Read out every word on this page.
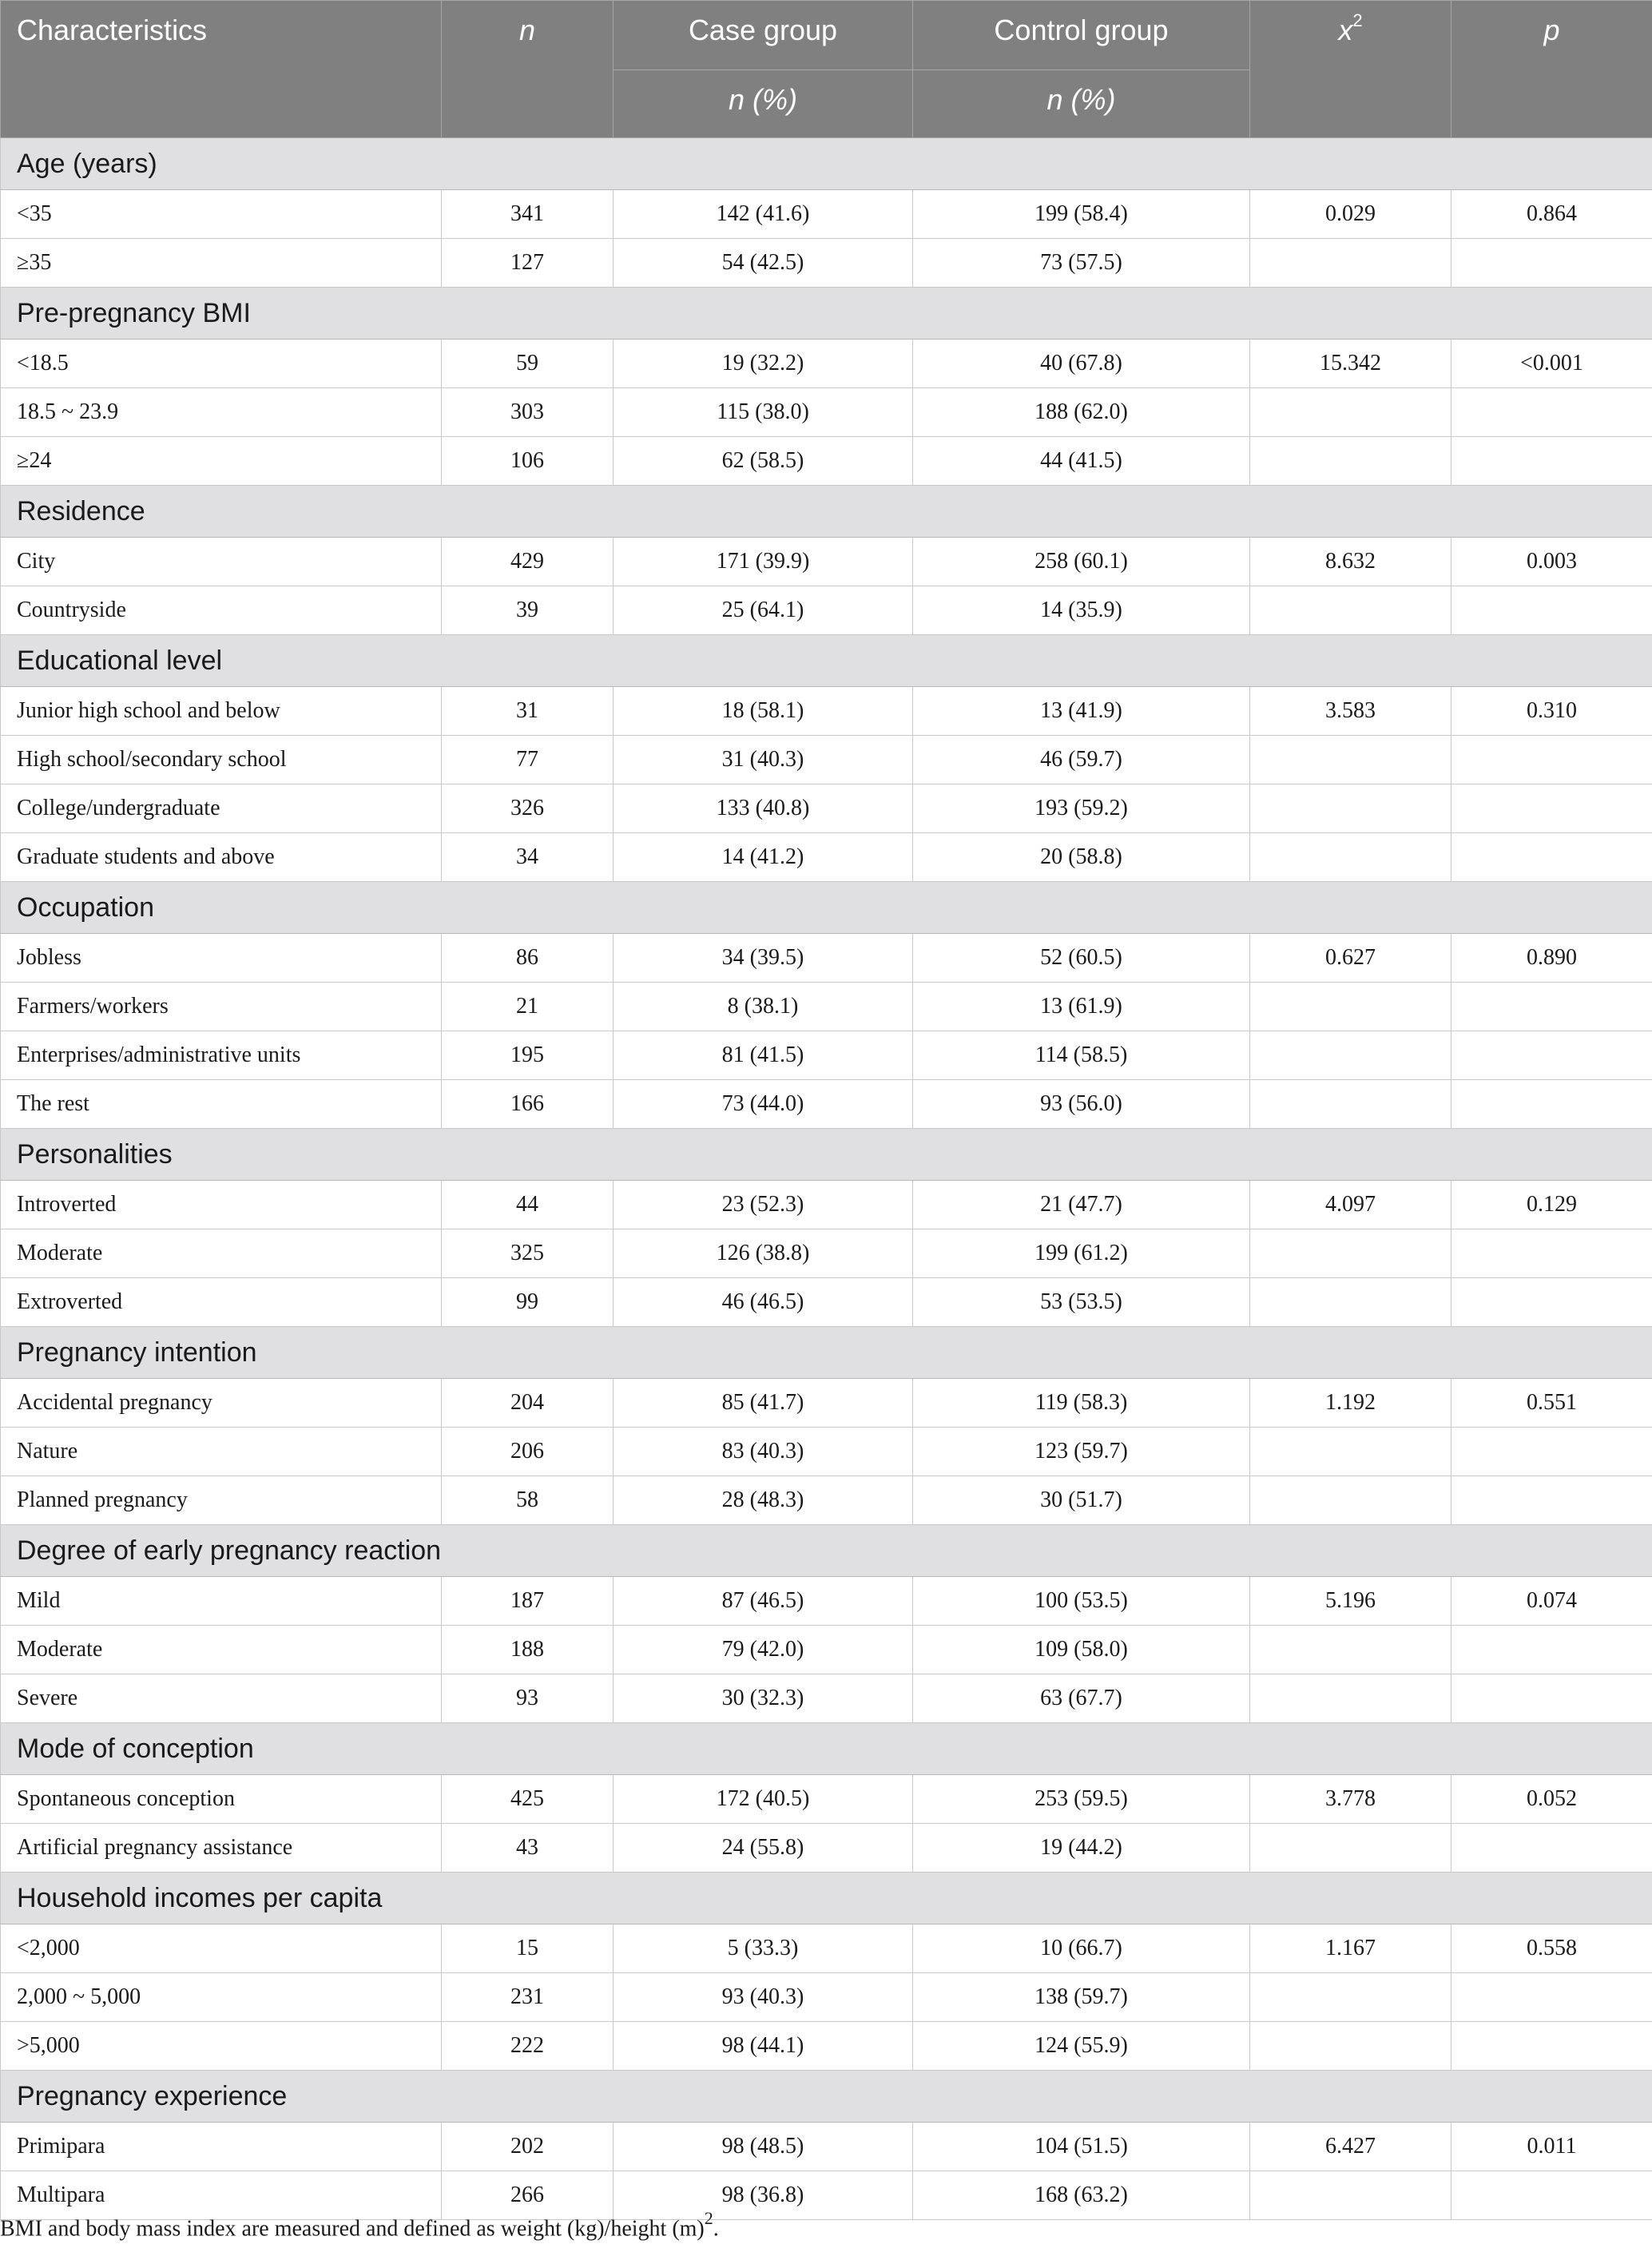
Characteristics	n	Case group	Control group	$x^2$	p
		n (%)	n (%)		
Age (years)					
<35	341	142 (41.6)	199 (58.4)	0.029	0.864
≥35	127	54 (42.5)	73 (57.5)		
Pre-pregnancy BMI					
<18.5	59	19 (32.2)	40 (67.8)	15.342	<0.001
18.5 ~ 23.9	303	115 (38.0)	188 (62.0)		
≥24	106	62 (58.5)	44 (41.5)		
Residence					
City	429	171 (39.9)	258 (60.1)	8.632	0.003
Countryside	39	25 (64.1)	14 (35.9)		
Educational level					
Junior high school and below	31	18 (58.1)	13 (41.9)	3.583	0.310
High school/secondary school	77	31 (40.3)	46 (59.7)		
College/undergraduate	326	133 (40.8)	193 (59.2)		
Graduate students and above	34	14 (41.2)	20 (58.8)		
Occupation					
Jobless	86	34 (39.5)	52 (60.5)	0.627	0.890
Farmers/workers	21	8 (38.1)	13 (61.9)		
Enterprises/administrative units	195	81 (41.5)	114 (58.5)		
The rest	166	73 (44.0)	93 (56.0)		
Personalities					
Introverted	44	23 (52.3)	21 (47.7)	4.097	0.129
Moderate	325	126 (38.8)	199 (61.2)		
Extroverted	99	46 (46.5)	53 (53.5)		
Pregnancy intention					
Accidental pregnancy	204	85 (41.7)	119 (58.3)	1.192	0.551
Nature	206	83 (40.3)	123 (59.7)		
Planned pregnancy	58	28 (48.3)	30 (51.7)		
Degree of early pregnancy reaction					
Mild	187	87 (46.5)	100 (53.5)	5.196	0.074
Moderate	188	79 (42.0)	109 (58.0)		
Severe	93	30 (32.3)	63 (67.7)		
Mode of conception					
Spontaneous conception	425	172 (40.5)	253 (59.5)	3.778	0.052
Artificial pregnancy assistance	43	24 (55.8)	19 (44.2)		
Household incomes per capita					
<2,000	15	5 (33.3)	10 (66.7)	1.167	0.558
2,000 ~ 5,000	231	93 (40.3)	138 (59.7)		
>5,000	222	98 (44.1)	124 (55.9)		
Pregnancy experience					
Primipara	202	98 (48.5)	104 (51.5)	6.427	0.011
Multipara	266	98 (36.8)	168 (63.2)		
BMI and body mass index are measured and defined as weight (kg)/height $(m)^2$.
